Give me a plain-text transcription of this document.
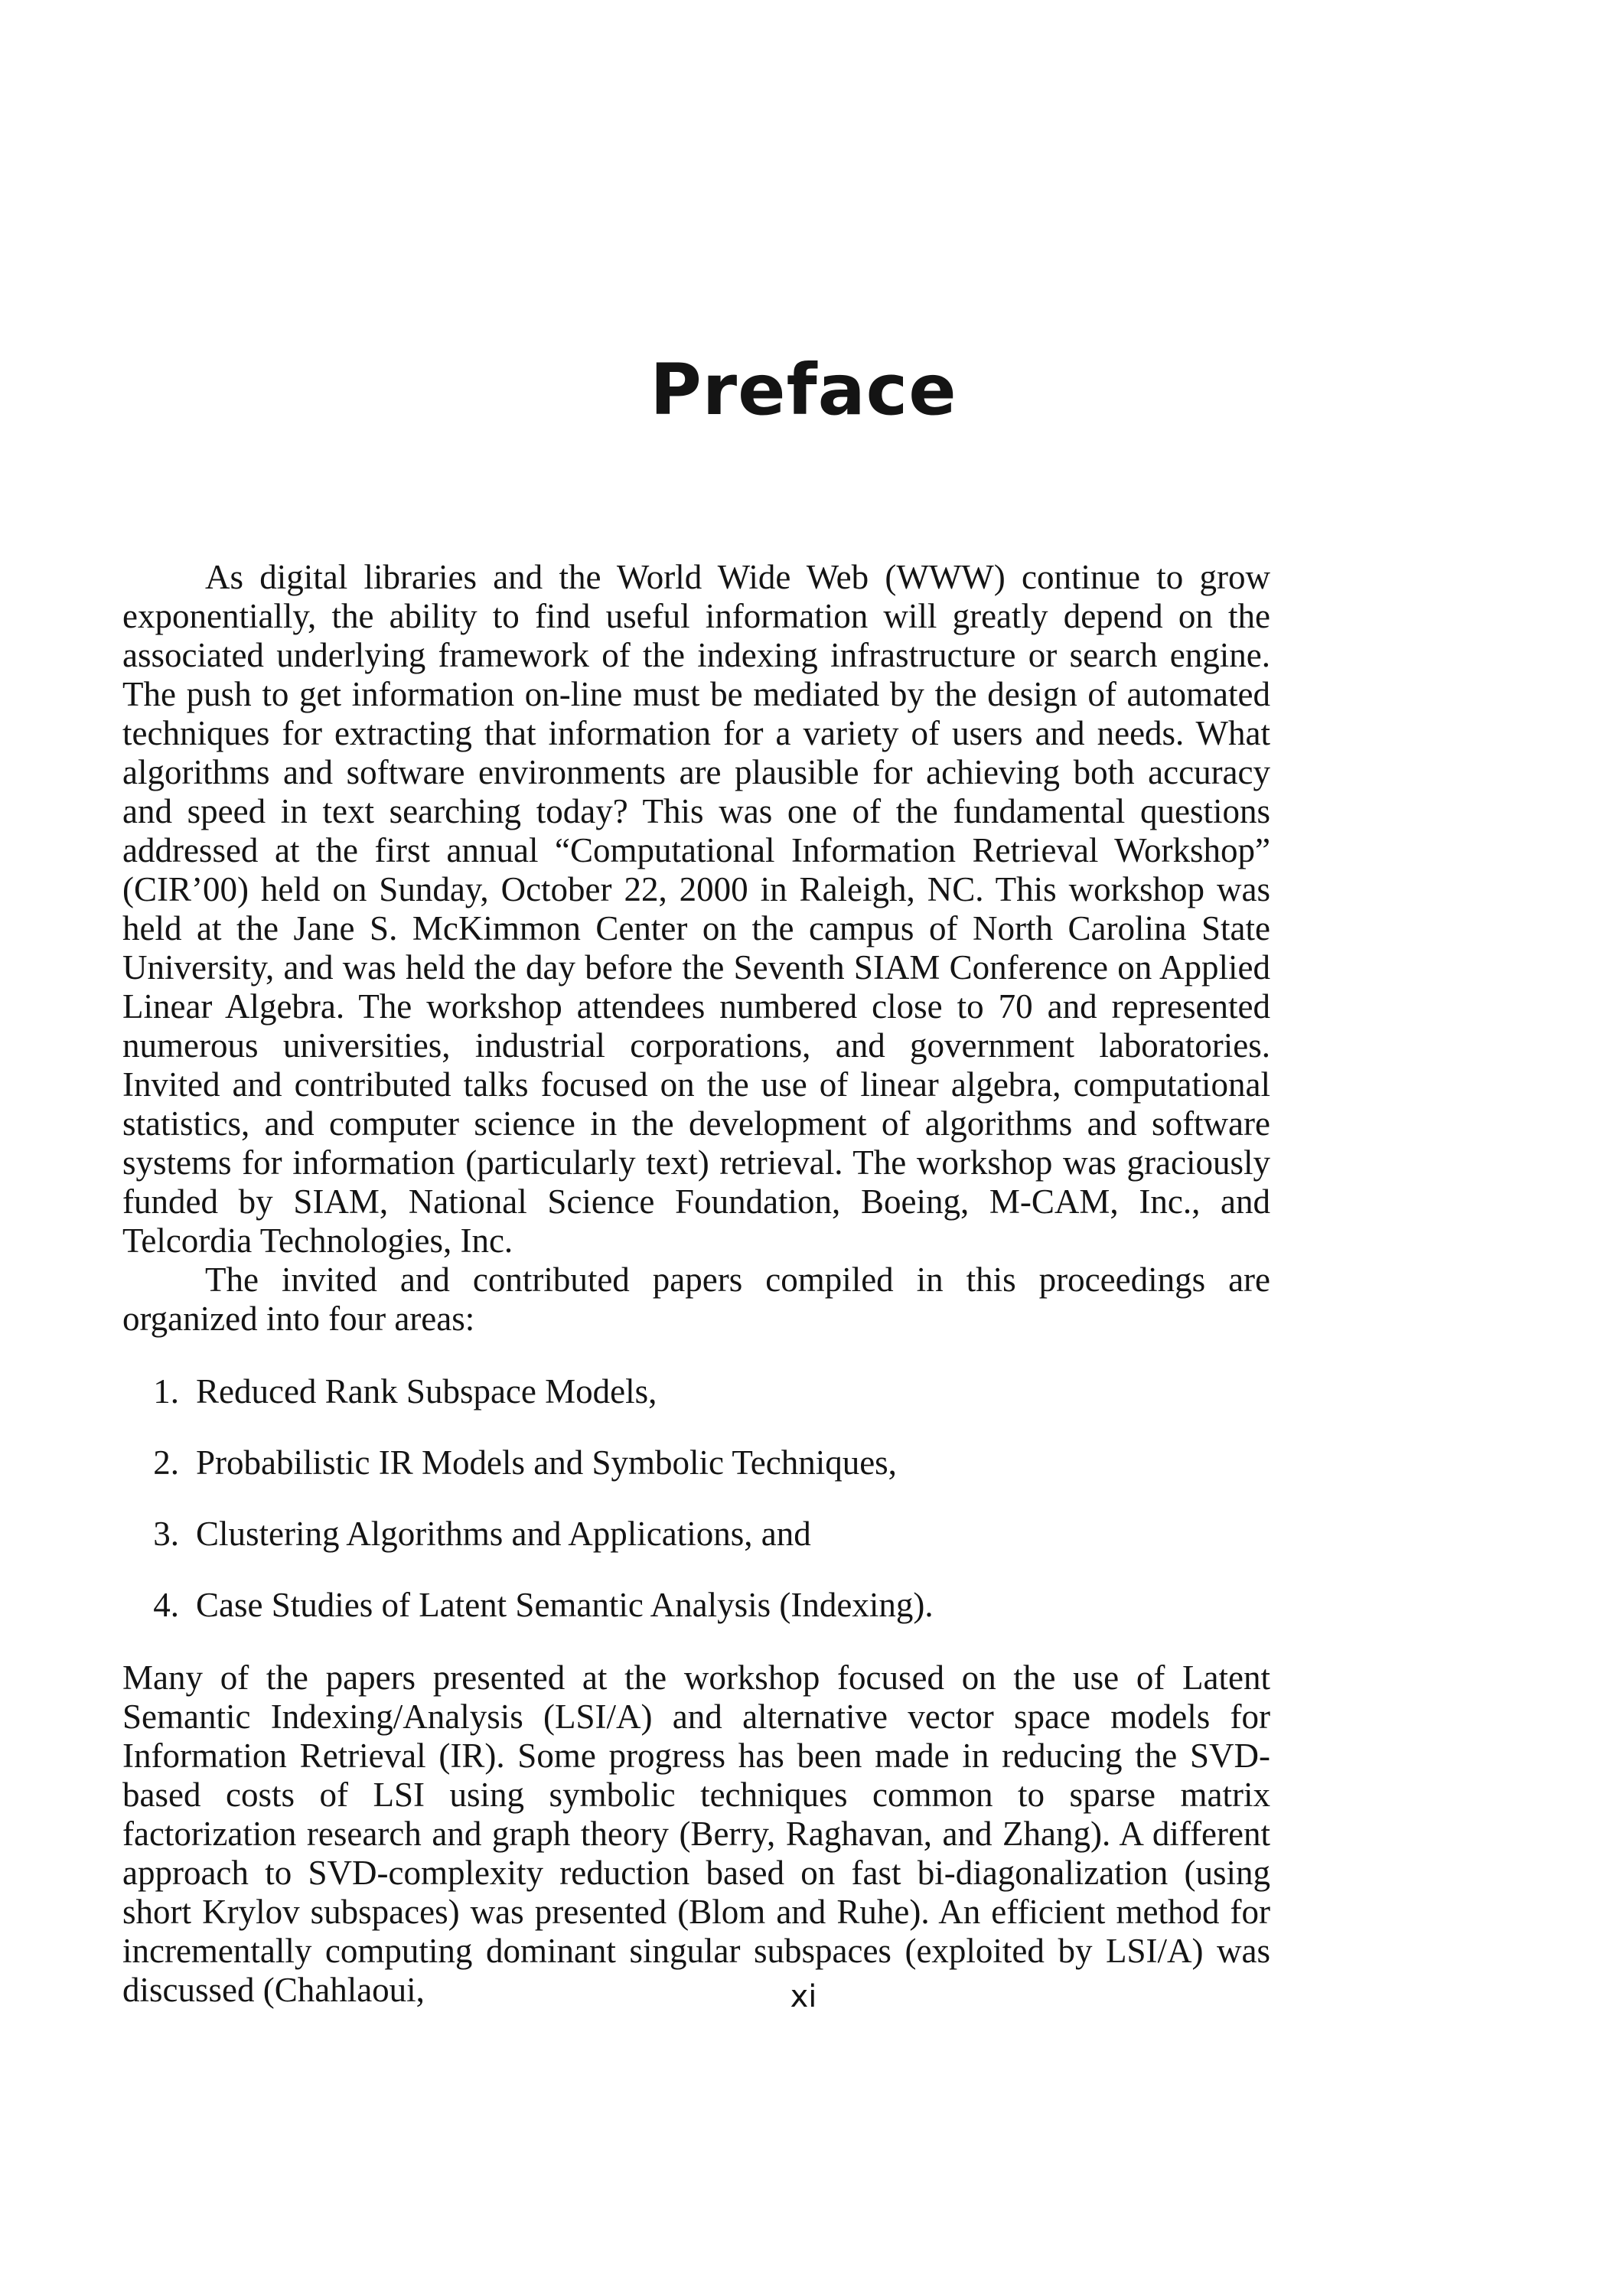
Preface

As digital libraries and the World Wide Web (WWW) continue to grow exponentially, the ability to find useful information will greatly depend on the associated underlying framework of the indexing infrastructure or search engine. The push to get information on-line must be mediated by the design of automated techniques for extracting that information for a variety of users and needs. What algorithms and software environments are plausible for achieving both accuracy and speed in text searching today? This was one of the fundamental questions addressed at the first annual “Computational Information Retrieval Workshop” (CIR’00) held on Sunday, October 22, 2000 in Raleigh, NC. This workshop was held at the Jane S. McKimmon Center on the campus of North Carolina State University, and was held the day before the Seventh SIAM Conference on Applied Linear Algebra. The workshop attendees numbered close to 70 and represented numerous universities, industrial corporations, and government laboratories. Invited and contributed talks focused on the use of linear algebra, computational statistics, and computer science in the development of algorithms and software systems for information (particularly text) retrieval. The workshop was graciously funded by SIAM, National Science Foundation, Boeing, M-CAM, Inc., and Telcordia Technologies, Inc.

The invited and contributed papers compiled in this proceedings are organized into four areas:

1. Reduced Rank Subspace Models,
2. Probabilistic IR Models and Symbolic Techniques,
3. Clustering Algorithms and Applications, and
4. Case Studies of Latent Semantic Analysis (Indexing).

Many of the papers presented at the workshop focused on the use of Latent Semantic Indexing/Analysis (LSI/A) and alternative vector space models for Information Retrieval (IR). Some progress has been made in reducing the SVD-based costs of LSI using symbolic techniques common to sparse matrix factorization research and graph theory (Berry, Raghavan, and Zhang). A different approach to SVD-complexity reduction based on fast bi-diagonalization (using short Krylov subspaces) was presented (Blom and Ruhe). An efficient method for incrementally computing dominant singular subspaces (exploited by LSI/A) was discussed (Chahlaoui,	xi
